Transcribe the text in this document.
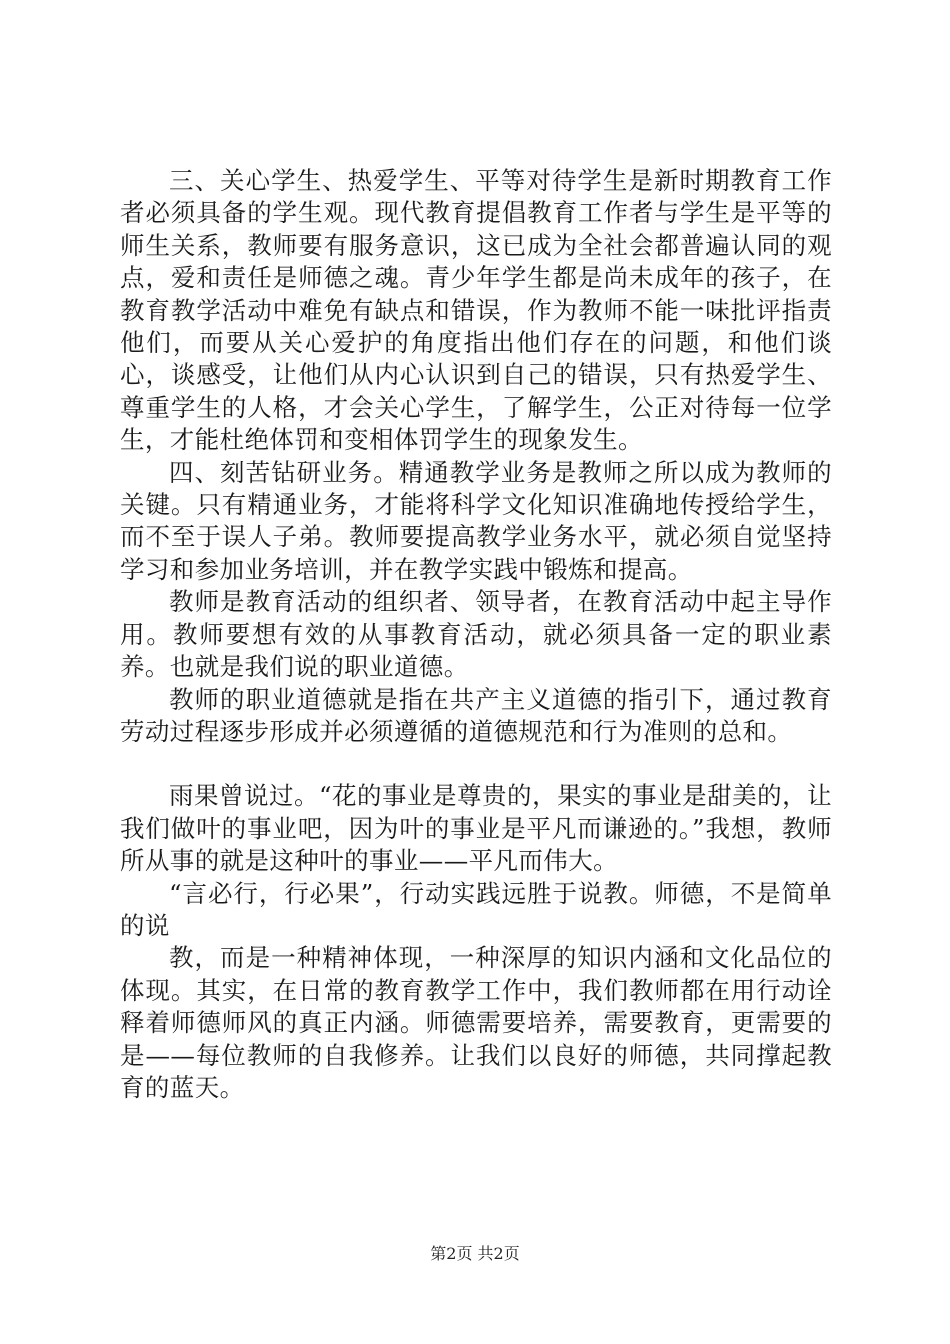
三、关心学生、热爱学生、平等对待学生是新时期教育工作者必须具备的学生观。现代教育提倡教育工作者与学生是平等的师生关系，教师要有服务意识，这已成为全社会都普遍认同的观点，爱和责任是师德之魂。青少年学生都是尚未成年的孩子，在教育教学活动中难免有缺点和错误，作为教师不能一味批评指责他们，而要从关心爱护的角度指出他们存在的问题，和他们谈心，谈感受，让他们从内心认识到自己的错误，只有热爱学生、尊重学生的人格，才会关心学生，了解学生，公正对待每一位学生，才能杜绝体罚和变相体罚学生的现象发生。

四、刻苦钻研业务。精通教学业务是教师之所以成为教师的关键。只有精通业务，才能将科学文化知识准确地传授给学生，而不至于误人子弟。教师要提高教学业务水平，就必须自觉坚持学习和参加业务培训，并在教学实践中锻炼和提高。

教师是教育活动的组织者、领导者，在教育活动中起主导作用。教师要想有效的从事教育活动，就必须具备一定的职业素养。也就是我们说的职业道德。

教师的职业道德就是指在共产主义道德的指引下，通过教育劳动过程逐步形成并必须遵循的道德规范和行为准则的总和。

雨果曾说过。“花的事业是尊贵的，果实的事业是甜美的，让我们做叶的事业吧，因为叶的事业是平凡而谦逊的。”我想，教师所从事的就是这种叶的事业——平凡而伟大。

“言必行，行必果”，行动实践远胜于说教。师德，不是简单的说

教，而是一种精神体现，一种深厚的知识内涵和文化品位的体现。其实，在日常的教育教学工作中，我们教师都在用行动诠释着师德师风的真正内涵。师德需要培养，需要教育，更需要的是——每位教师的自我修养。让我们以良好的师德，共同撑起教育的蓝天。

第2页 共2页
